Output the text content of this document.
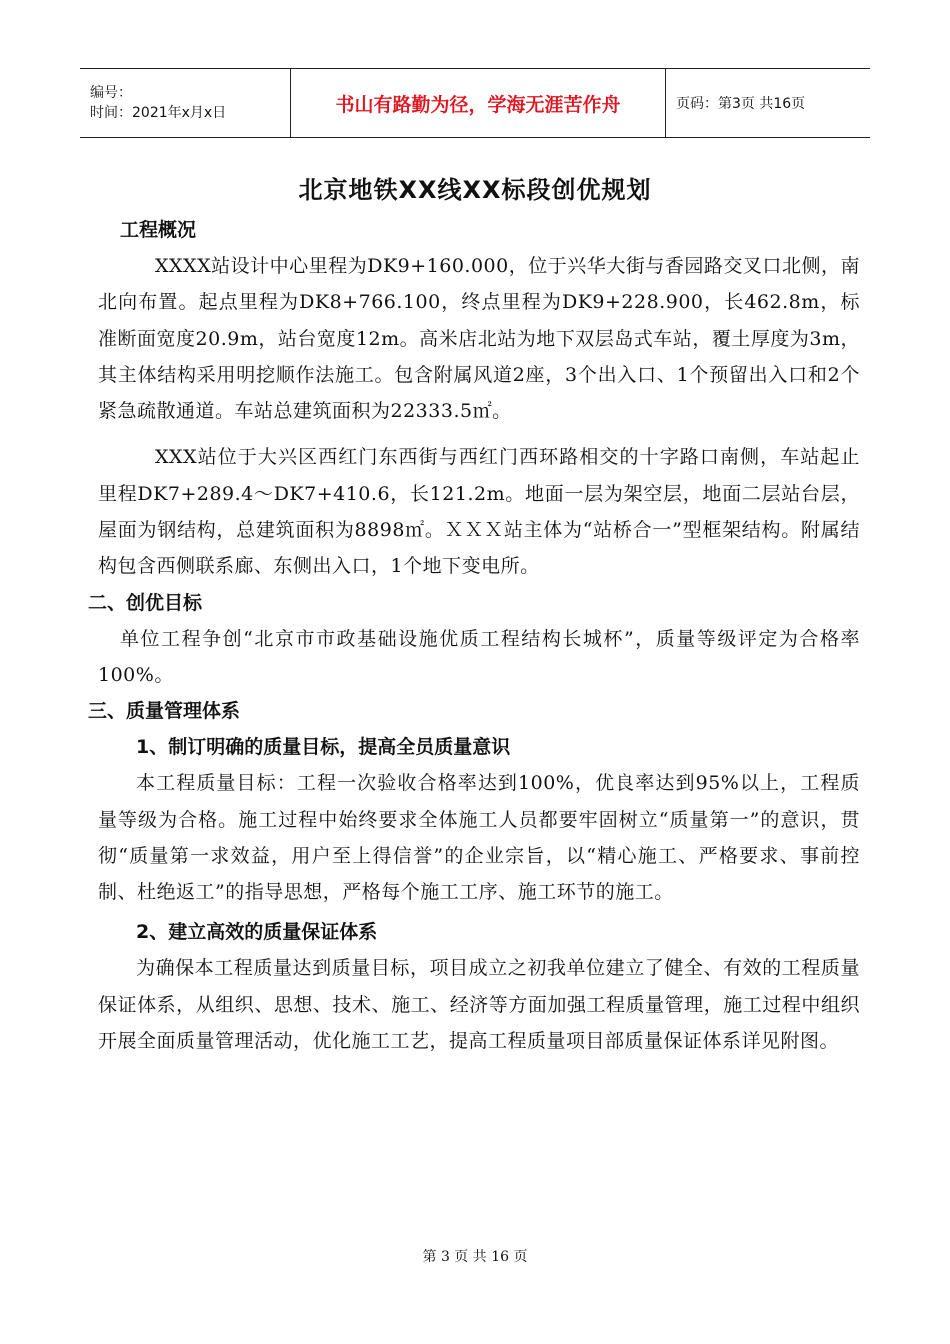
编号：
时间：2021年x月x日	书山有路勤为径，学海无涯苦作舟	页码：第3页 共16页
北京地铁XX线XX标段创优规划
工程概况

XXXX站设计中心里程为DK9+160.000，位于兴华大街与香园路交叉口北侧，南北向布置。起点里程为DK8+766.100，终点里程为DK9+228.900，长462.8m，标准断面宽度20.9m，站台宽度12m。高米店北站为地下双层岛式车站，覆土厚度为3m，其主体结构采用明挖顺作法施工。包含附属风道2座，3个出入口、1个预留出入口和2个紧急疏散通道。车站总建筑面积为22333.5㎡。

XXX站位于大兴区西红门东西街与西红门西环路相交的十字路口南侧，车站起止里程DK7+289.4～DK7+410.6，长121.2m。地面一层为架空层，地面二层站台层，屋面为钢结构，总建筑面积为8898㎡。ＸＸＸ站主体为“站桥合一”型框架结构。附属结构包含西侧联系廊、东侧出入口，1个地下变电所。

二、创优目标

单位工程争创“北京市市政基础设施优质工程结构长城杯”，质量等级评定为合格率100%。

三、质量管理体系
1、制订明确的质量目标，提高全员质量意识

本工程质量目标：工程一次验收合格率达到100%，优良率达到95%以上，工程质量等级为合格。施工过程中始终要求全体施工人员都要牢固树立“质量第一”的意识，贯彻“质量第一求效益，用户至上得信誉”的企业宗旨，以“精心施工、严格要求、事前控制、杜绝返工”的指导思想，严格每个施工工序、施工环节的施工。

2、建立高效的质量保证体系

为确保本工程质量达到质量目标，项目成立之初我单位建立了健全、有效的工程质量保证体系，从组织、思想、技术、施工、经济等方面加强工程质量管理，施工过程中组织开展全面质量管理活动，优化施工工艺，提高工程质量项目部质量保证体系详见附图。

第 3 页 共 16 页
